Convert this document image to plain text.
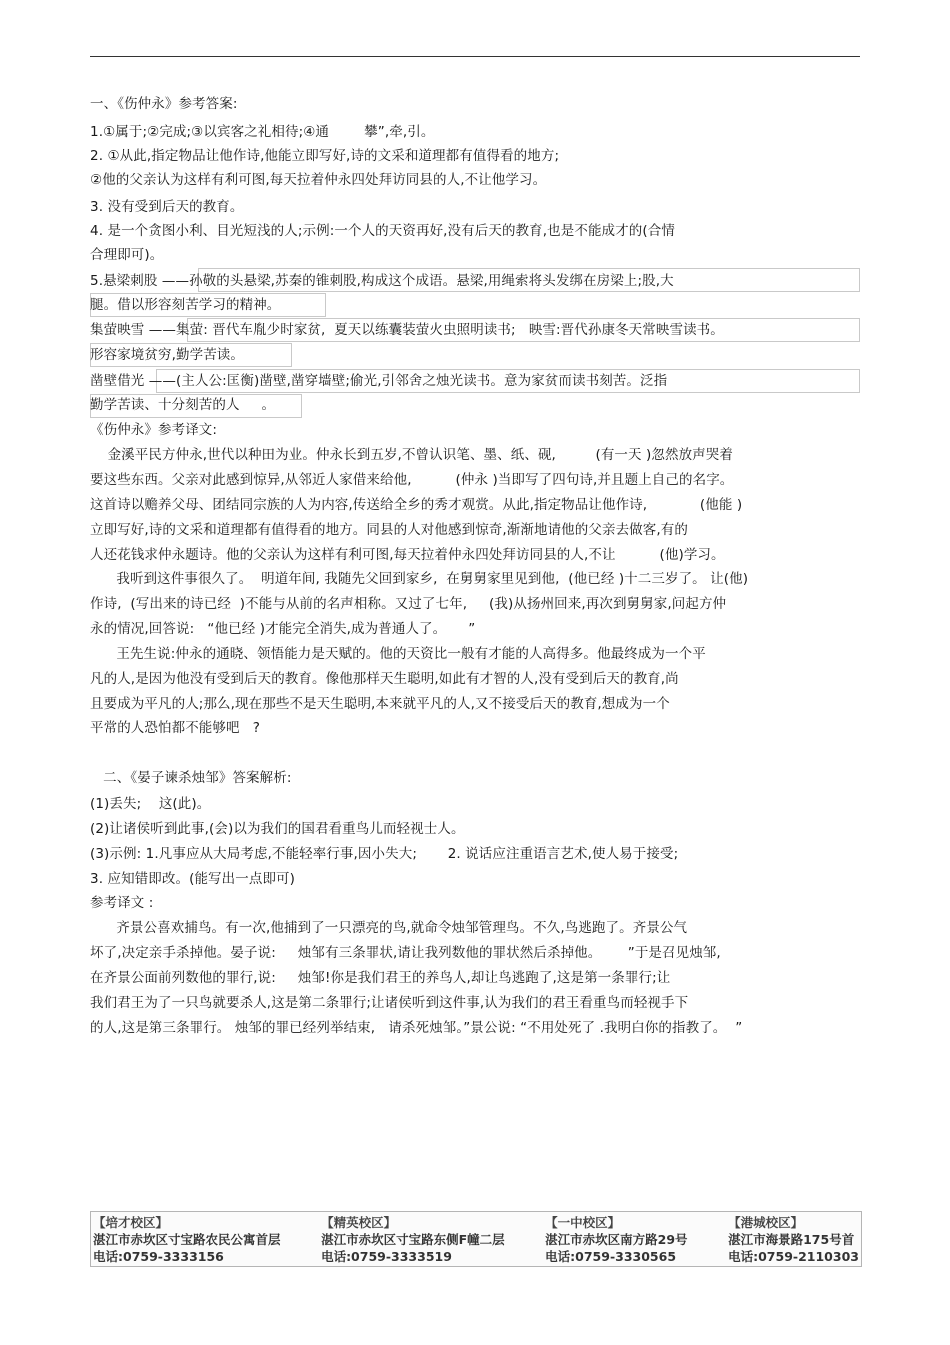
一、《伤仲永》参考答案:
1.①属于;②完成;③以宾客之礼相待;④通        攀”,牵,引。
2. ①从此,指定物品让他作诗,他能立即写好,诗的文采和道理都有值得看的地方;
②他的父亲认为这样有利可图,每天拉着仲永四处拜访同县的人,不让他学习。
3. 没有受到后天的教育。
4. 是一个贪图小利、目光短浅的人;示例:一个人的天资再好,没有后天的教育,也是不能成才的(合情
合理即可)。
5.悬梁刺股 ——孙敬的头悬梁,苏秦的锥刺股,构成这个成语。悬梁,用绳索将头发绑在房梁上;股,大
腿。借以形容刻苦学习的精神。
集萤映雪 ——集萤: 晋代车胤少时家贫,  夏天以练囊装萤火虫照明读书;   映雪:晋代孙康冬天常映雪读书。
形容家境贫穷,勤学苦读。
凿壁借光 ——(主人公:匡衡)凿壁,凿穿墙壁;偷光,引邻舍之烛光读书。意为家贫而读书刻苦。泛指
勤学苦读、十分刻苦的人     。
《伤仲永》参考译文:
金溪平民方仲永,世代以种田为业。仲永长到五岁,不曾认识笔、墨、纸、砚,         (有一天 )忽然放声哭着
要这些东西。父亲对此感到惊异,从邻近人家借来给他,          (仲永 )当即写了四句诗,并且题上自己的名字。
这首诗以赡养父母、团结同宗族的人为内容,传送给全乡的秀才观赏。从此,指定物品让他作诗,            (他能 )
立即写好,诗的文采和道理都有值得看的地方。同县的人对他感到惊奇,渐渐地请他的父亲去做客,有的
人还花钱求仲永题诗。他的父亲认为这样有利可图,每天拉着仲永四处拜访同县的人,不让          (他)学习。
我听到这件事很久了。  明道年间, 我随先父回到家乡,  在舅舅家里见到他,  (他已经 )十二三岁了。 让(他)
作诗,  (写出来的诗已经  )不能与从前的名声相称。又过了七年,     (我)从扬州回来,再次到舅舅家,问起方仲
永的情况,回答说:   “他已经 )才能完全消失,成为普通人了。     ”
王先生说:仲永的通晓、领悟能力是天赋的。他的天资比一般有才能的人高得多。他最终成为一个平
凡的人,是因为他没有受到后天的教育。像他那样天生聪明,如此有才智的人,没有受到后天的教育,尚
且要成为平凡的人;那么,现在那些不是天生聪明,本来就平凡的人,又不接受后天的教育,想成为一个
平常的人恐怕都不能够吧   ?
二、《晏子谏杀烛邹》答案解析:
(1)丢失;    这(此)。
(2)让诸侯听到此事,(会)以为我们的国君看重鸟儿而轻视士人。
(3)示例: 1.凡事应从大局考虑,不能轻率行事,因小失大;       2. 说话应注重语言艺术,使人易于接受;
3. 应知错即改。(能写出一点即可)
参考译文 :
齐景公喜欢捕鸟。有一次,他捕到了一只漂亮的鸟,就命令烛邹管理鸟。不久,鸟逃跑了。齐景公气
坏了,决定亲手杀掉他。晏子说:     烛邹有三条罪状,请让我列数他的罪状然后杀掉他。      ”于是召见烛邹,
在齐景公面前列数他的罪行,说:     烛邹!你是我们君王的养鸟人,却让鸟逃跑了,这是第一条罪行;让
我们君王为了一只鸟就要杀人,这是第二条罪行;让诸侯听到这件事,认为我们的君王看重鸟而轻视手下
的人,这是第三条罪行。 烛邹的罪已经列举结束,   请杀死烛邹。”景公说: “不用处死了 .我明白你的指教了。  ”
【培才校区】
湛江市赤坎区寸宝路农民公寓首层
电话:0759-3333156
【精英校区】
湛江市赤坎区寸宝路东侧F幢二层
电话:0759-3333519
【一中校区】
湛江市赤坎区南方路29号
电话:0759-3330565
【港城校区】
湛江市海景路175号首
电话:0759-2110303
